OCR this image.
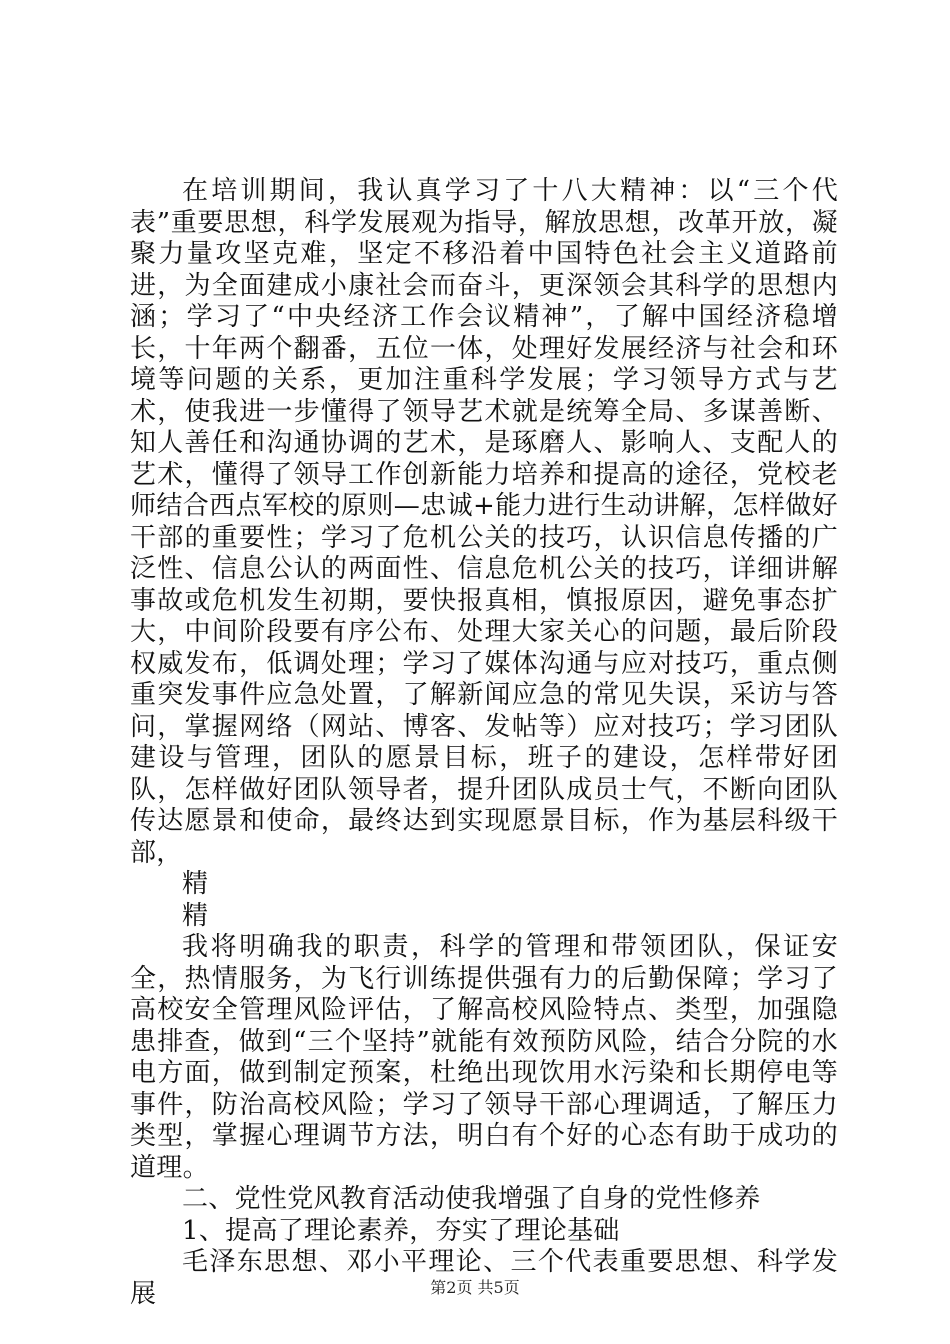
在培训期间，我认真学习了十八大精神：以“三个代表”重要思想，科学发展观为指导，解放思想，改革开放，凝聚力量攻坚克难，坚定不移沿着中国特色社会主义道路前进，为全面建成小康社会而奋斗，更深领会其科学的思想内涵；学习了“中央经济工作会议精神”，了解中国经济稳增长，十年两个翻番，五位一体，处理好发展经济与社会和环境等问题的关系，更加注重科学发展；学习领导方式与艺术，使我进一步懂得了领导艺术就是统筹全局、多谋善断、知人善任和沟通协调的艺术，是琢磨人、影响人、支配人的艺术，懂得了领导工作创新能力培养和提高的途径，党校老师结合西点军校的原则—忠诚+能力进行生动讲解，怎样做好干部的重要性；学习了危机公关的技巧，认识信息传播的广泛性、信息公认的两面性、信息危机公关的技巧，详细讲解事故或危机发生初期，要快报真相，慎报原因，避免事态扩大，中间阶段要有序公布、处理大家关心的问题，最后阶段权威发布，低调处理；学习了媒体沟通与应对技巧，重点侧重突发事件应急处置，了解新闻应急的常见失误，采访与答问，掌握网络（网站、博客、发帖等）应对技巧；学习团队建设与管理，团队的愿景目标，班子的建设，怎样带好团队，怎样做好团队领导者，提升团队成员士气，不断向团队传达愿景和使命，最终达到实现愿景目标，作为基层科级干部，

精

精

我将明确我的职责，科学的管理和带领团队，保证安全，热情服务，为飞行训练提供强有力的后勤保障；学习了高校安全管理风险评估，了解高校风险特点、类型，加强隐患排查，做到“三个坚持”就能有效预防风险，结合分院的水电方面，做到制定预案，杜绝出现饮用水污染和长期停电等事件，防治高校风险；学习了领导干部心理调适，了解压力类型，掌握心理调节方法，明白有个好的心态有助于成功的道理。

二、党性党风教育活动使我增强了自身的党性修养

1、提高了理论素养，夯实了理论基础

毛泽东思想、邓小平理论、三个代表重要思想、科学发展	第2页 共5页
